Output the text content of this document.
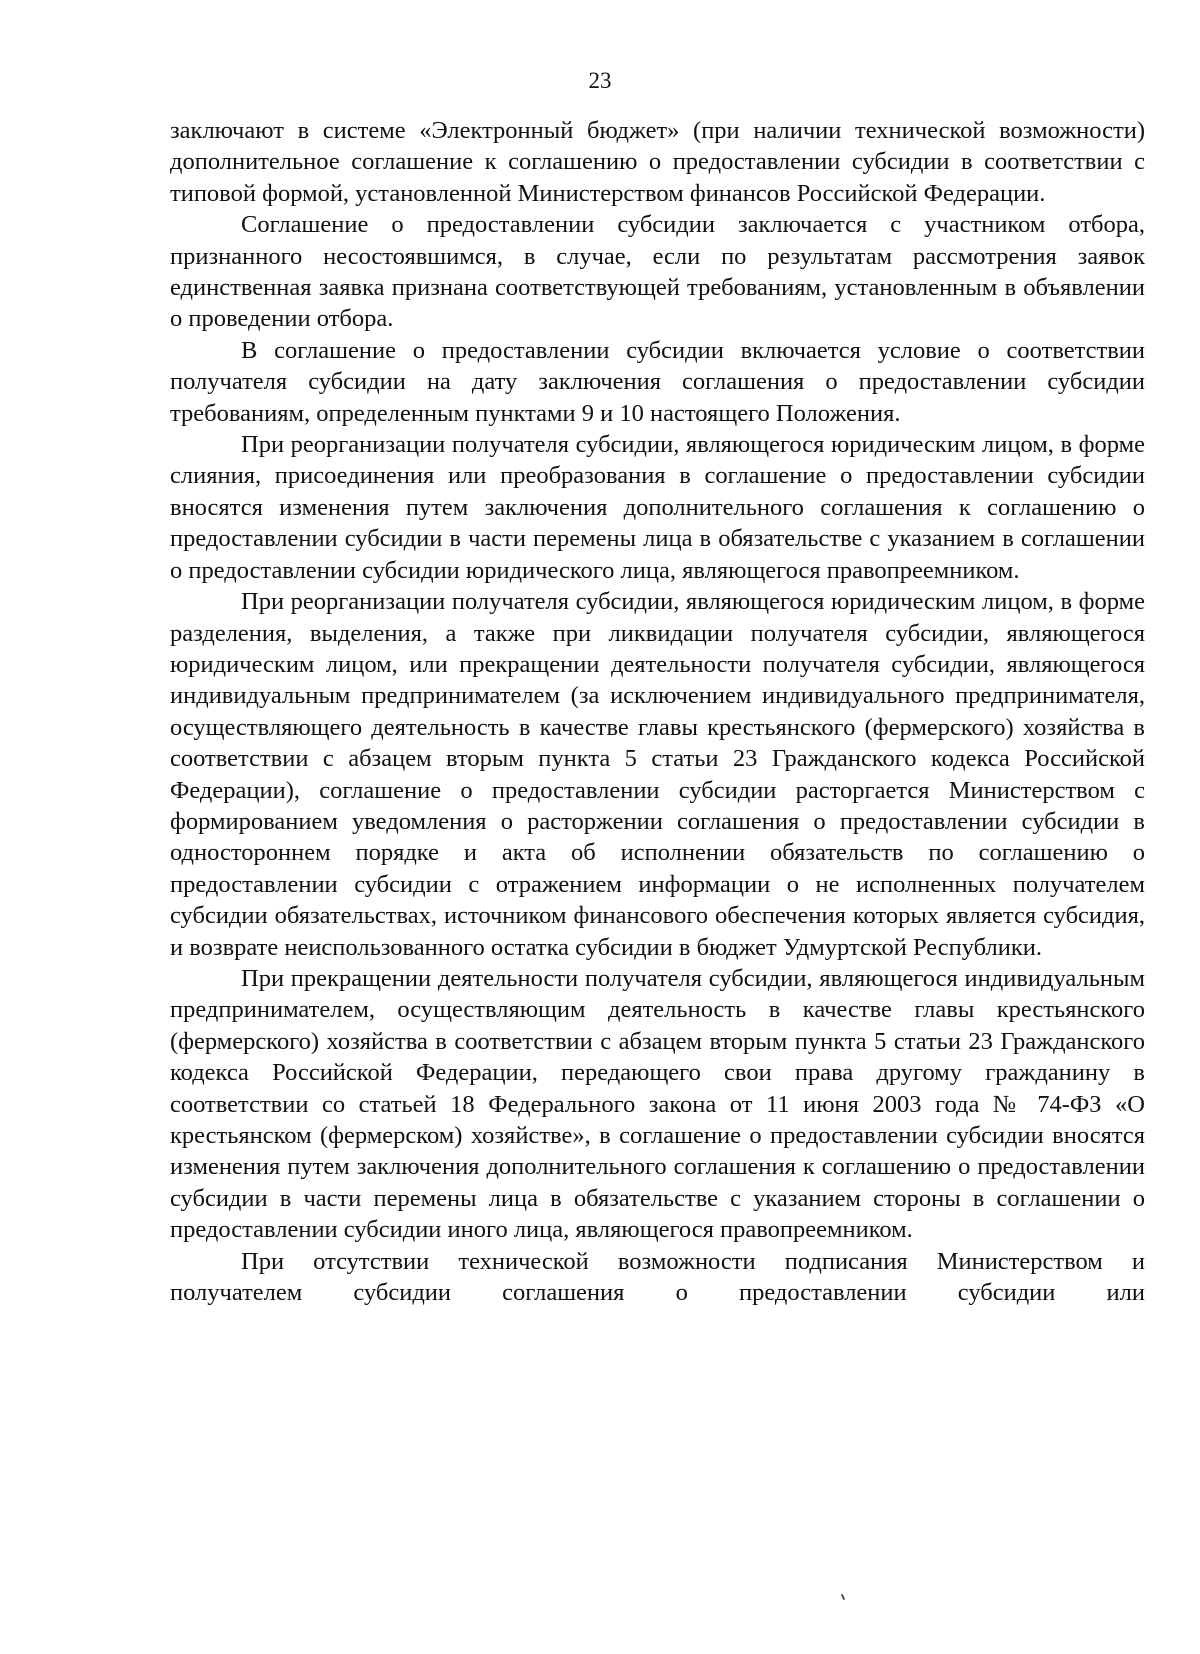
23

заключают в системе «Электронный бюджет» (при наличии технической возможности) дополнительное соглашение к соглашению о предоставлении субсидии в соответствии с типовой формой, установленной Министерством финансов Российской Федерации.

Соглашение о предоставлении субсидии заключается с участником отбора, признанного несостоявшимся, в случае, если по результатам рассмотрения заявок единственная заявка признана соответствующей требованиям, установленным в объявлении о проведении отбора.

В соглашение о предоставлении субсидии включается условие о соответствии получателя субсидии на дату заключения соглашения о предоставлении субсидии требованиям, определенным пунктами 9 и 10 настоящего Положения.

При реорганизации получателя субсидии, являющегося юридическим лицом, в форме слияния, присоединения или преобразования в соглашение о предоставлении субсидии вносятся изменения путем заключения дополнительного соглашения к соглашению о предоставлении субсидии в части перемены лица в обязательстве с указанием в соглашении о предоставлении субсидии юридического лица, являющегося правопреемником.

При реорганизации получателя субсидии, являющегося юридическим лицом, в форме разделения, выделения, а также при ликвидации получателя субсидии, являющегося юридическим лицом, или прекращении деятельности получателя субсидии, являющегося индивидуальным предпринимателем (за исключением индивидуального предпринимателя, осуществляющего деятельность в качестве главы крестьянского (фермерского) хозяйства в соответствии с абзацем вторым пункта 5 статьи 23 Гражданского кодекса Российской Федерации), соглашение о предоставлении субсидии расторгается Министерством с формированием уведомления о расторжении соглашения о предоставлении субсидии в одностороннем порядке и акта об исполнении обязательств по соглашению о предоставлении субсидии с отражением информации о не исполненных получателем субсидии обязательствах, источником финансового обеспечения которых является субсидия, и возврате неиспользованного остатка субсидии в бюджет Удмуртской Республики.

При прекращении деятельности получателя субсидии, являющегося индивидуальным предпринимателем, осуществляющим деятельность в качестве главы крестьянского (фермерского) хозяйства в соответствии с абзацем вторым пункта 5 статьи 23 Гражданского кодекса Российской Федерации, передающего свои права другому гражданину в соответствии со статьей 18 Федерального закона от 11 июня 2003 года № 74-ФЗ «О крестьянском (фермерском) хозяйстве», в соглашение о предоставлении субсидии вносятся изменения путем заключения дополнительного соглашения к соглашению о предоставлении субсидии в части перемены лица в обязательстве с указанием стороны в соглашении о предоставлении субсидии иного лица, являющегося правопреемником.

При отсутствии технической возможности подписания Министерством и получателем субсидии соглашения о предоставлении субсидии или
